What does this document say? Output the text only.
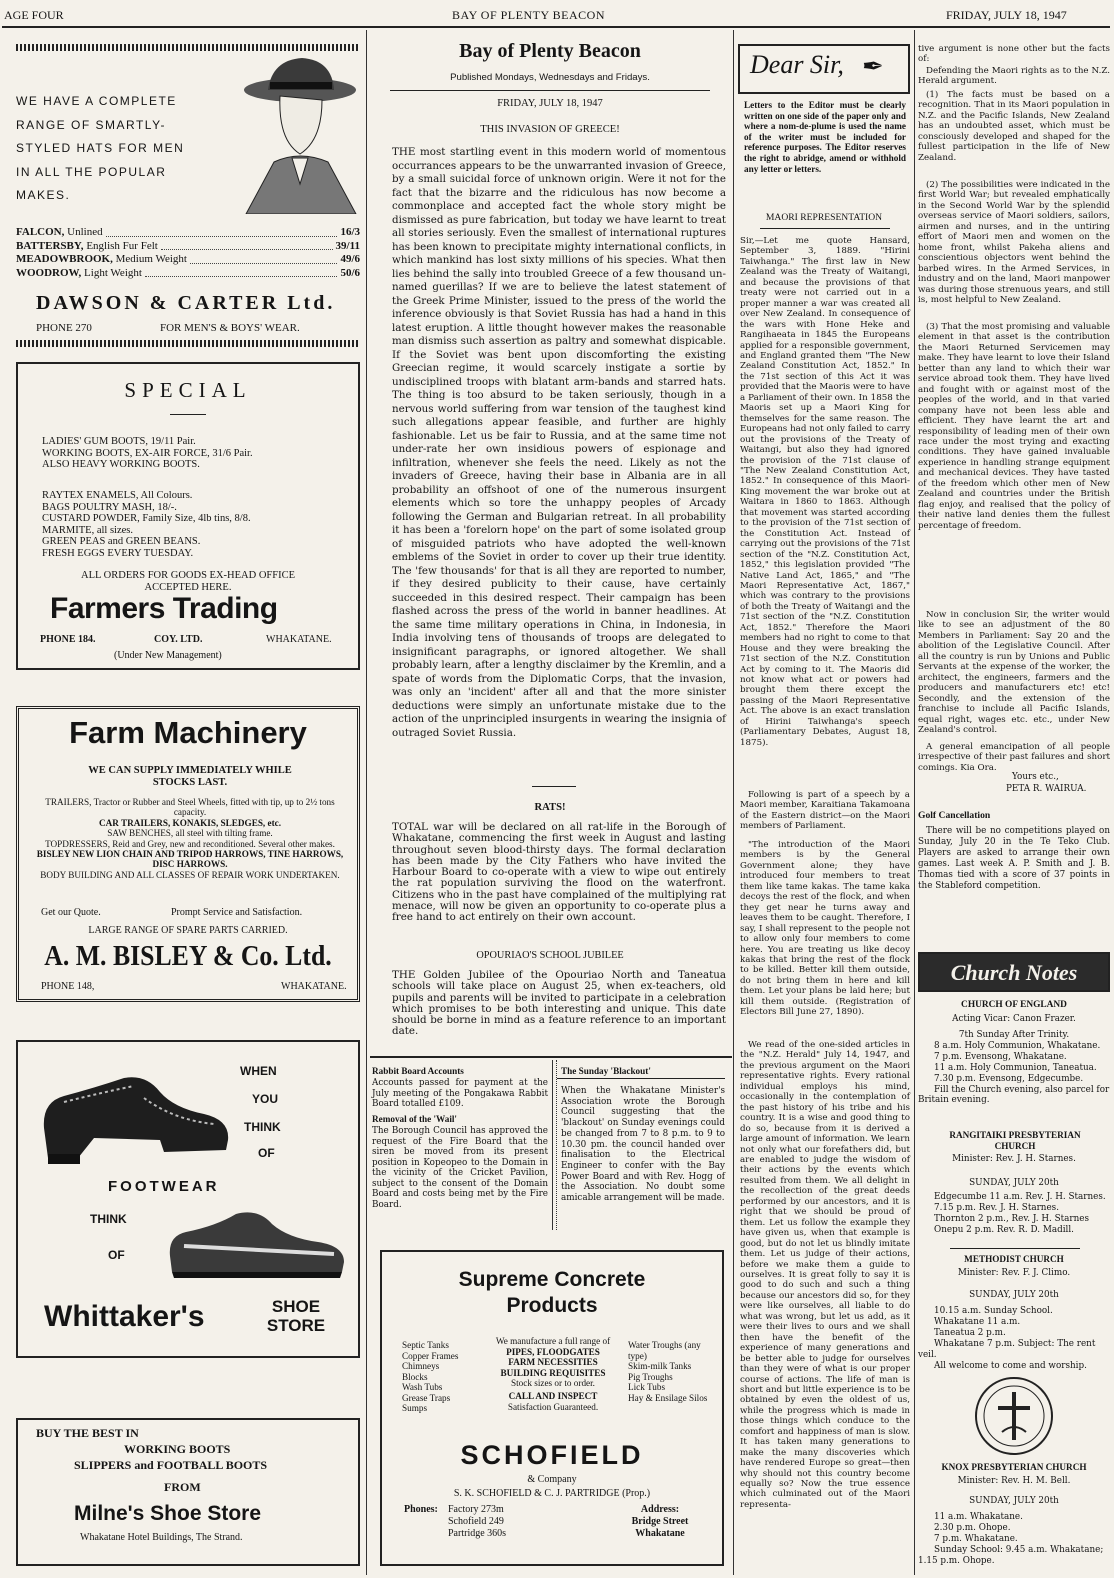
AGE FOUR	BAY OF PLENTY BEACON	FRIDAY, JULY 18, 1947
WE HAVE A COMPLETE
RANGE OF SMARTLY-
STYLED HATS FOR MEN
IN ALL THE POPULAR
MAKES.
FALCON, Unlined	16/3
BATTERSBY, English Fur Felt	39/11
MEADOWBROOK, Medium Weight	49/6
WOODROW, Light Weight	50/6
DAWSON & CARTER Ltd.
PHONE 270	FOR MEN'S & BOYS' WEAR.
SPECIAL
LADIES' GUM BOOTS, 19/11 Pair.
WORKING BOOTS, EX-AIR FORCE, 31/6 Pair.
ALSO HEAVY WORKING BOOTS.
RAYTEX ENAMELS, All Colours.
BAGS POULTRY MASH, 18/-.
CUSTARD POWDER, Family Size, 4lb tins, 8/8.
MARMITE, all sizes.
GREEN PEAS and GREEN BEANS.
FRESH EGGS EVERY TUESDAY.
ALL ORDERS FOR GOODS EX-HEAD OFFICE ACCEPTED HERE.
Farmers Trading
PHONE 184.	COY. LTD.	WHAKATANE.
(Under New Management)
Farm Machinery
WE CAN SUPPLY IMMEDIATELY WHILE STOCKS LAST.
TRAILERS, Tractor or Rubber and Steel Wheels, fitted with tip, up to 2½ tons capacity.
CAR TRAILERS, KONAKIS, SLEDGES, etc.
SAW BENCHES, all steel with tilting frame.
TOPDRESSERS, Reid and Grey, new and reconditioned. Several other makes.
BISLEY NEW LION CHAIN AND TRIPOD HARROWS, TINE HARROWS, DISC HARROWS.
BODY BUILDING AND ALL CLASSES OF REPAIR WORK UNDERTAKEN.
Get our Quote.	Prompt Service and Satisfaction.
LARGE RANGE OF SPARE PARTS CARRIED.
A. M. BISLEY & Co. Ltd.
PHONE 148,	WHAKATANE.
WHEN
YOU
THINK
OF
FOOTWEAR
THINK
OF
Whittaker's	SHOE
STORE
BUY THE BEST IN
WORKING BOOTS
SLIPPERS and FOOTBALL BOOTS
FROM
Milne's Shoe Store
Whakatane Hotel Buildings, The Strand.
Bay of Plenty Beacon
Published Mondays, Wednesdays and Fridays.
FRIDAY, JULY 18, 1947
THIS INVASION OF GREECE!
THE most startling event in this modern world of momentous occurrances appears to be the unwarranted invasion of Greece, by a small suicidal force of unknown origin. Were it not for the fact that the bizarre and the ridiculous has now become a commonplace and accepted fact the whole story might be dismissed as pure fabrication, but today we have learnt to treat all stories seriously. Even the smallest of international ruptures has been known to precipitate mighty international conflicts, in which mankind has lost sixty millions of his species. What then lies behind the sally into troubled Greece of a few thousand un-named guerillas? If we are to believe the latest statement of the Greek Prime Minister, issued to the press of the world the inference obviously is that Soviet Russia has had a hand in this latest eruption. A little thought however makes the reasonable man dismiss such assertion as paltry and somewhat dispicable. If the Soviet was bent upon discomforting the existing Greecian regime, it would scarcely instigate a sortie by undisciplined troops with blatant arm-bands and starred hats. The thing is too absurd to be taken seriously, though in a nervous world suffering from war tension of the taughest kind such allegations appear feasible, and further are highly fashionable. Let us be fair to Russia, and at the same time not under-rate her own insidious powers of espionage and infiltration, whenever she feels the need. Likely as not the invaders of Greece, having their base in Albania are in all probability an offshoot of one of the numerous insurgent elements which so tore the unhappy peoples of Arcady following the German and Bulgarian retreat. In all probability it has been a 'forelorn hope' on the part of some isolated group of misguided patriots who have adopted the well-known emblems of the Soviet in order to cover up their true identity. The 'few thousands' for that is all they are reported to number, if they desired publicity to their cause, have certainly succeeded in this desired respect. Their campaign has been flashed across the press of the world in banner headlines. At the same time military operations in China, in Indonesia, in India involving tens of thousands of troops are delegated to insignificant paragraphs, or ignored altogether. We shall probably learn, after a lengthy disclaimer by the Kremlin, and a spate of words from the Diplomatic Corps, that the invasion, was only an 'incident' after all and that the more sinister deductions were simply an unfortunate mistake due to the action of the unprincipled insurgents in wearing the insignia of outraged Soviet Russia.
RATS!
TOTAL war will be declared on all rat-life in the Borough of Whakatane, commencing the first week in August and lasting throughout seven blood-thirsty days. The formal declaration has been made by the City Fathers who have invited the Harbour Board to co-operate with a view to wipe out entirely the rat population surviving the flood on the waterfront. Citizens who in the past have complained of the multiplying rat menace, will now be given an opportunity to co-operate plus a free hand to act entirely on their own account.
OPOURIAO'S SCHOOL JUBILEE
THE Golden Jubilee of the Opouriao North and Taneatua schools will take place on August 25, when ex-teachers, old pupils and parents will be invited to participate in a celebration which promises to be both interesting and unique. This date should be borne in mind as a feature reference to an important date.
Rabbit Board Accounts
Accounts passed for payment at the July meeting of the Pongakawa Rabbit Board totalled £109.
Removal of the 'Wail'
The Borough Council has approved the request of the Fire Board that the siren be moved from its present position in Kopeopeo to the Domain in the vicinity of the Cricket Pavilion, subject to the consent of the Domain Board and costs being met by the Fire Board.
The Sunday 'Blackout'
When the Whakatane Minister's Association wrote the Borough Council suggesting that the 'blackout' on Sunday evenings could be changed from 7 to 8 p.m. to 9 to 10.30 pm. the council handed over finalisation to the Electrical Engineer to confer with the Bay Power Board and with Rev. Hogg of the Association. No doubt some amicable arrangement will be made.
Supreme Concrete
Products
Septic Tanks
Copper Frames
Chimneys
Blocks
Wash Tubs
Grease Traps
Sumps
We manufacture a full range of
PIPES, FLOODGATES
FARM NECESSITIES
BUILDING REQUISITES
Stock sizes or to order.
CALL AND INSPECT
Satisfaction Guaranteed.
Water Troughs (any type)
Skim-milk Tanks
Pig Troughs
Lick Tubs
Hay & Ensilage Silos
SCHOFIELD
& Company
S. K. SCHOFIELD & C. J. PARTRIDGE (Prop.)
Phones: Factory 273m
Schofield 249
Partridge 360s
Address:
Bridge Street
Whakatane
Dear Sir, ✒
Letters to the Editor must be clearly written on one side of the paper only and where a nom-de-plume is used the name of the writer must be included for reference purposes. The Editor reserves the right to abridge, amend or withhold any letter or letters.
MAORI REPRESENTATION
Sir,—Let me quote Hansard, September 3, 1889. "Hirini Taiwhanga." The first law in New Zealand was the Treaty of Waitangi, and because the provisions of that treaty were not carried out in a proper manner a war was created all over New Zealand. In consequence of the wars with Hone Heke and Rangihaeata in 1845 the Europeans applied for a responsible government, and England granted them "The New Zealand Constitution Act, 1852." In the 71st section of this Act it was provided that the Maoris were to have a Parliament of their own. In 1858 the Maoris set up a Maori King for themselves for the same reason. The Europeans had not only failed to carry out the provisions of the Treaty of Waitangi, but also they had ignored the provision of the 71st clause of "The New Zealand Constitution Act, 1852." In consequence of this Maori-King movement the war broke out at Waitara in 1860 to 1863. Although that movement was started according to the provision of the 71st section of the Constitution Act. Instead of carrying out the provisions of the 71st section of the "N.Z. Constitution Act, 1852," this legislation provided "The Native Land Act, 1865," and "The Maori Representative Act, 1867," which was contrary to the provisions of both the Treaty of Waitangi and the 71st section of the "N.Z. Constitution Act, 1852." Therefore the Maori members had no right to come to that House and they were breaking the 71st section of the N.Z. Constitution Act by coming to it. The Maoris did not know what act or powers had brought them there except the passing of the Maori Representative Act. The above is an exact translation of Hirini Taiwhanga's speech (Parliamentary Debates, August 18, 1875).
Following is part of a speech by a Maori member, Karaitiana Takamoana of the Eastern district—on the Maori members of Parliament.
"The introduction of the Maori members is by the General Government alone; they have introduced four members to treat them like tame kakas. The tame kaka decoys the rest of the flock, and when they get near he turns away and leaves them to be caught. Therefore, I say, I shall represent to the people not to allow only four members to come here. You are treating us like decoy kakas that bring the rest of the flock to be killed. Better kill them outside, do not bring them in here and kill them. Let your plans be laid here; but kill them outside. (Registration of Electors Bill June 27, 1890).
We read of the one-sided articles in the "N.Z. Herald" July 14, 1947, and the previous argument on the Maori representative rights. Every rational individual employs his mind, occasionally in the contemplation of the past history of his tribe and his country. It is a wise and good thing to do so, because from it is derived a large amount of information. We learn not only what our forefathers did, but are enabled to judge the wisdom of their actions by the events which resulted from them. We all delight in the recollection of the great deeds performed by our ancestors, and it is right that we should be proud of them. Let us follow the example they have given us, when that example is good, but do not let us blindly imitate them. Let us judge of their actions, before we make them a guide to ourselves. It is great folly to say it is good to do such and such a thing because our ancestors did so, for they were like ourselves, all liable to do what was wrong, but let us add, as it were their lives to ours and we shall then have the benefit of the experience of many generations and be better able to judge for ourselves than they were of what is our proper course of actions. The life of man is short and but little experience is to be obtained by even the oldest of us, while the progress which is made in those things which conduce to the comfort and happiness of man is slow. It has taken many generations to make the many discoveries which have rendered Europe so great—then why should not this country become equally so? Now the true essence which culminated out of the Maori representa-
tive argument is none other but the facts of:
Defending the Maori rights as to the N.Z. Herald argument.
(1) The facts must be based on a recognition. That in its Maori population in N.Z. and the Pacific Islands, New Zealand has an undoubted asset, which must be consciously developed and shaped for the fullest participation in the life of New Zealand.
(2) The possibilities were indicated in the first World War; but revealed emphatically in the Second World War by the splendid overseas service of Maori soldiers, sailors, airmen and nurses, and in the untiring effort of Maori men and women on the home front, whilst Pakeha aliens and conscientious objectors went behind the barbed wires. In the Armed Services, in industry and on the land, Maori manpower was during those strenuous years, and still is, most helpful to New Zealand.
(3) That the most promising and valuable element in that asset is the contribution the Maori Returned Servicemen may make. They have learnt to love their Island better than any land to which their war service abroad took them. They have lived and fought with or against most of the peoples of the world, and in that varied company have not been less able and efficient. They have learnt the art and responsibility of leading men of their own race under the most trying and exacting conditions. They have gained invaluable experience in handling strange equipment and mechanical devices. They have tasted of the freedom which other men of New Zealand and countries under the British flag enjoy, and realised that the policy of their native land denies them the fullest percentage of freedom.
Now in conclusion Sir, the writer would like to see an adjustment of the 80 Members in Parliament: Say 20 and the abolition of the Legislative Council. After all the country is run by Unions and Public Servants at the expense of the worker, the architect, the engineers, farmers and the producers and manufacturers etc! etc! Secondly, and the extension of the franchise to include all Pacific Islands, equal right, wages etc. etc., under New Zealand's control.
A general emancipation of all people irrespective of their past failures and short comings. Kia Ora.
Yours etc.,
PETA R. WAIRUA.
Golf Cancellation
There will be no competitions played on Sunday, July 20 in the Te Teko Club. Players are asked to arrange their own games. Last week A. P. Smith and J. B. Thomas tied with a score of 37 points in the Stableford competition.
Church Notes
CHURCH OF ENGLAND
Acting Vicar: Canon Frazer.
7th Sunday After Trinity.
8 a.m. Holy Communion, Whakatane.
7 p.m. Evensong, Whakatane.
11 a.m. Holy Communion, Taneatua.
7.30 p.m. Evensong, Edgecumbe.
Fill the Church evening, also parcel for Britain evening.
RANGITAIKI PRESBYTERIAN CHURCH
Minister: Rev. J. H. Starnes.
SUNDAY, JULY 20th
Edgecumbe 11 a.m. Rev. J. H. Starnes.
7.15 p.m. Rev. J. H. Starnes.
Thornton 2 p.m., Rev. J. H. Starnes
Onepu 2 p.m. Rev. R. D. Madill.
METHODIST CHURCH
Minister: Rev. F. J. Climo.
SUNDAY, JULY 20th
10.15 a.m. Sunday School.
Whakatane 11 a.m.
Taneatua 2 p.m.
Whakatane 7 p.m. Subject: The rent veil.
All welcome to come and worship.
KNOX PRESBYTERIAN CHURCH
Minister: Rev. H. M. Bell.
SUNDAY, JULY 20th
11 a.m. Whakatane.
2.30 p.m. Ohope.
7 p.m. Whakatane.
Sunday School: 9.45 a.m. Whakatane; 1.15 p.m. Ohope.
